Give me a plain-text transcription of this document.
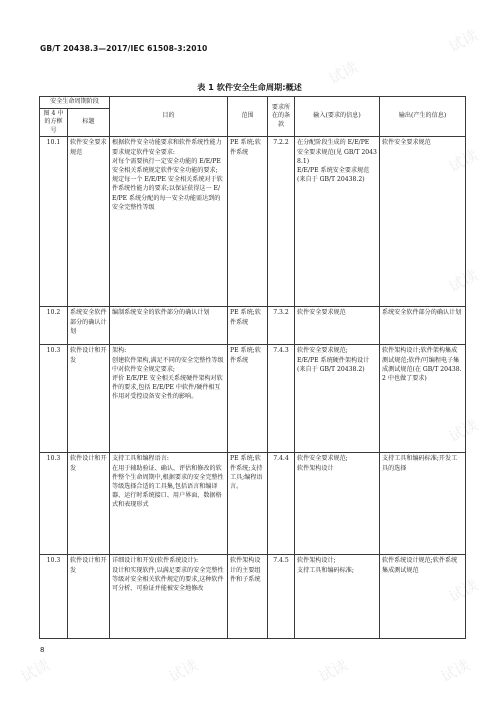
试读
试读
试读
试读
试读
试读
试读	试读	试读	试读
GB/T 20438.3—2017/IEC 61508-3:2010
表 1 软件安全生命周期:概述
安全生命周期阶段		目的	范围	要求所在的条款	输入(要求的信息)	输出(产生的信息)
图 4 中的方框号	标题					
10.1	软件安全要求规范	根据软件安全功能要求和软件系统性能力要求规定软件安全要求:
对每个需要执行一定安全功能的 E/E/PE 安全相关系统规定软件安全功能的要求;
规定每一个 E/E/PE 安全相关系统对于软件系统性能力的要求;以保证获得这一 E/E/PE 系统分配的每一安全功能需达到的安全完整性等级	PE 系统;软件系统	7.2.2	在分配阶段生成的 E/E/PE 安全要求规范(见 GB/T 20438.1)
E/E/PE 系统安全要求规范(来自于 GB/T 20438.2)	软件安全要求规范
10.2	系统安全软件部分的确认计划	编制系统安全的软件部分的确认计划	PE 系统;软件系统	7.3.2	软件安全要求规范	系统安全软件部分的确认计划
10.3	软件设计和开发	架构:
创建软件架构,满足不同的安全完整性等级中对软件安全规定要求;
评价 E/E/PE 安全相关系统硬件架构对软件的要求,包括 E/E/PE 中软件/硬件相互作用对受控设备安全性的影响。	PE 系统;软件系统	7.4.3	软件安全要求规范;
E/E/PE 系统硬件架构设计(来自于 GB/T 20438.2)	软件架构设计;软件架构集成测试规范;软件/可编程电子集成测试规范(在 GB/T 20438.2 中也做了要求)
10.3	软件设计和开发	支持工具和编程语言:
在用于辅助验证、确认、评估和修改的软件整个生命周期中,根据要求的安全完整性等级选择合适的工具集,包括语言和编译器、运行时系统接口、用户界面、数据格式和表现形式	PE 系统;软件系统;支持工具;编程语言。	7.4.4	软件安全要求规范;
软件架构设计	支持工具和编码标准;开发工具的选择
10.3	软件设计和开发	详细设计和开发(软件系统设计):
设计和实现软件,以满足要求的安全完整性等级对安全相关软件规定的要求,这种软件可分析、可验证并能被安全地修改	软件架构设计的主要组件和子系统	7.4.5	软件架构设计;
支持工具和编码标准;	软件系统设计规范;软件系统集成测试规范
8
